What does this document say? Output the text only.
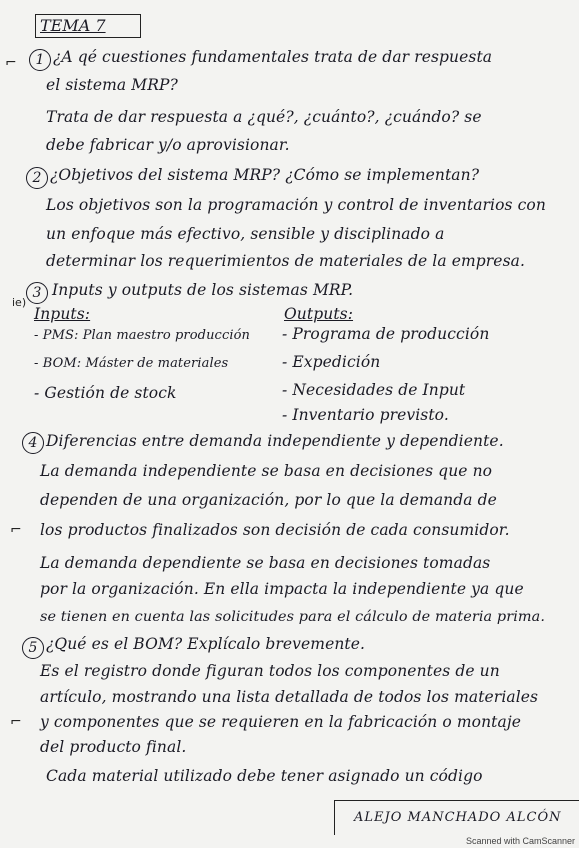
TEMA 7
⌐	1 ¿A qé cuestiones fundamentales trata de dar respuesta
el sistema MRP?
Trata de dar respuesta a ¿qué?, ¿cuánto?, ¿cuándo? se
debe fabricar y/o aprovisionar.
2 ¿Objetivos del sistema MRP? ¿Cómo se implementan?
Los objetivos son la programación y control de inventarios con
un enfoque más efectivo, sensible y disciplinado a
determinar los requerimientos de materiales de la empresa.
ie)
3 Inputs y outputs de los sistemas MRP.
Inputs:
- PMS: Plan maestro producción
- BOM: Máster de materiales
- Gestión de stock
Outputs:
- Programa de producción
- Expedición
- Necesidades de Input
- Inventario previsto.
4 Diferencias entre demanda independiente y dependiente.
La demanda independiente se basa en decisiones que no
dependen de una organización, por lo que la demanda de
⌐ los productos finalizados son decisión de cada consumidor.
La demanda dependiente se basa en decisiones tomadas
por la organización. En ella impacta la independiente ya que
se tienen en cuenta las solicitudes para el cálculo de materia prima.
5 ¿Qué es el BOM? Explícalo brevemente.
Es el registro donde figuran todos los componentes de un
artículo, mostrando una lista detallada de todos los materiales
⌐ y componentes que se requieren en la fabricación o montaje
del producto final.
Cada material utilizado debe tener asignado un código
ALEJO MANCHADO ALCÓN
Scanned with CamScanner
